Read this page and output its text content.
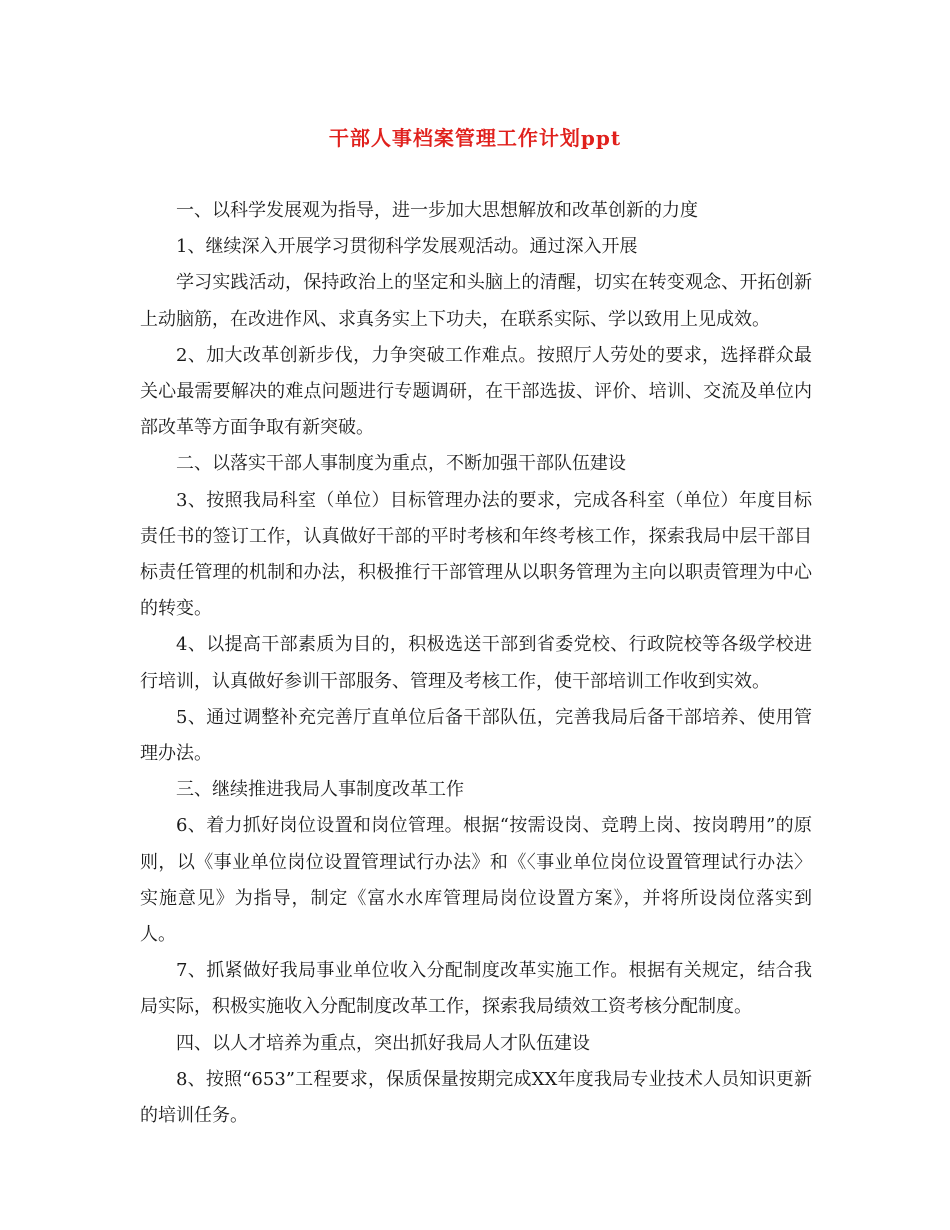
干部人事档案管理工作计划ppt

一、以科学发展观为指导，进一步加大思想解放和改革创新的力度

1、继续深入开展学习贯彻科学发展观活动。通过深入开展

学习实践活动，保持政治上的坚定和头脑上的清醒，切实在转变观念、开拓创新上动脑筋，在改进作风、求真务实上下功夫，在联系实际、学以致用上见成效。

2、加大改革创新步伐，力争突破工作难点。按照厅人劳处的要求，选择群众最关心最需要解决的难点问题进行专题调研，在干部选拔、评价、培训、交流及单位内部改革等方面争取有新突破。

二、以落实干部人事制度为重点，不断加强干部队伍建设

3、按照我局科室（单位）目标管理办法的要求，完成各科室（单位）年度目标责任书的签订工作，认真做好干部的平时考核和年终考核工作，探索我局中层干部目标责任管理的机制和办法，积极推行干部管理从以职务管理为主向以职责管理为中心的转变。

4、以提高干部素质为目的，积极选送干部到省委党校、行政院校等各级学校进行培训，认真做好参训干部服务、管理及考核工作，使干部培训工作收到实效。

5、通过调整补充完善厅直单位后备干部队伍，完善我局后备干部培养、使用管理办法。

三、继续推进我局人事制度改革工作

6、着力抓好岗位设置和岗位管理。根据“按需设岗、竞聘上岗、按岗聘用”的原则，以《事业单位岗位设置管理试行办法》和《〈事业单位岗位设置管理试行办法〉实施意见》为指导，制定《富水水库管理局岗位设置方案》，并将所设岗位落实到人。

7、抓紧做好我局事业单位收入分配制度改革实施工作。根据有关规定，结合我局实际，积极实施收入分配制度改革工作，探索我局绩效工资考核分配制度。

四、以人才培养为重点，突出抓好我局人才队伍建设

8、按照“653”工程要求，保质保量按期完成XX年度我局专业技术人员知识更新的培训任务。
